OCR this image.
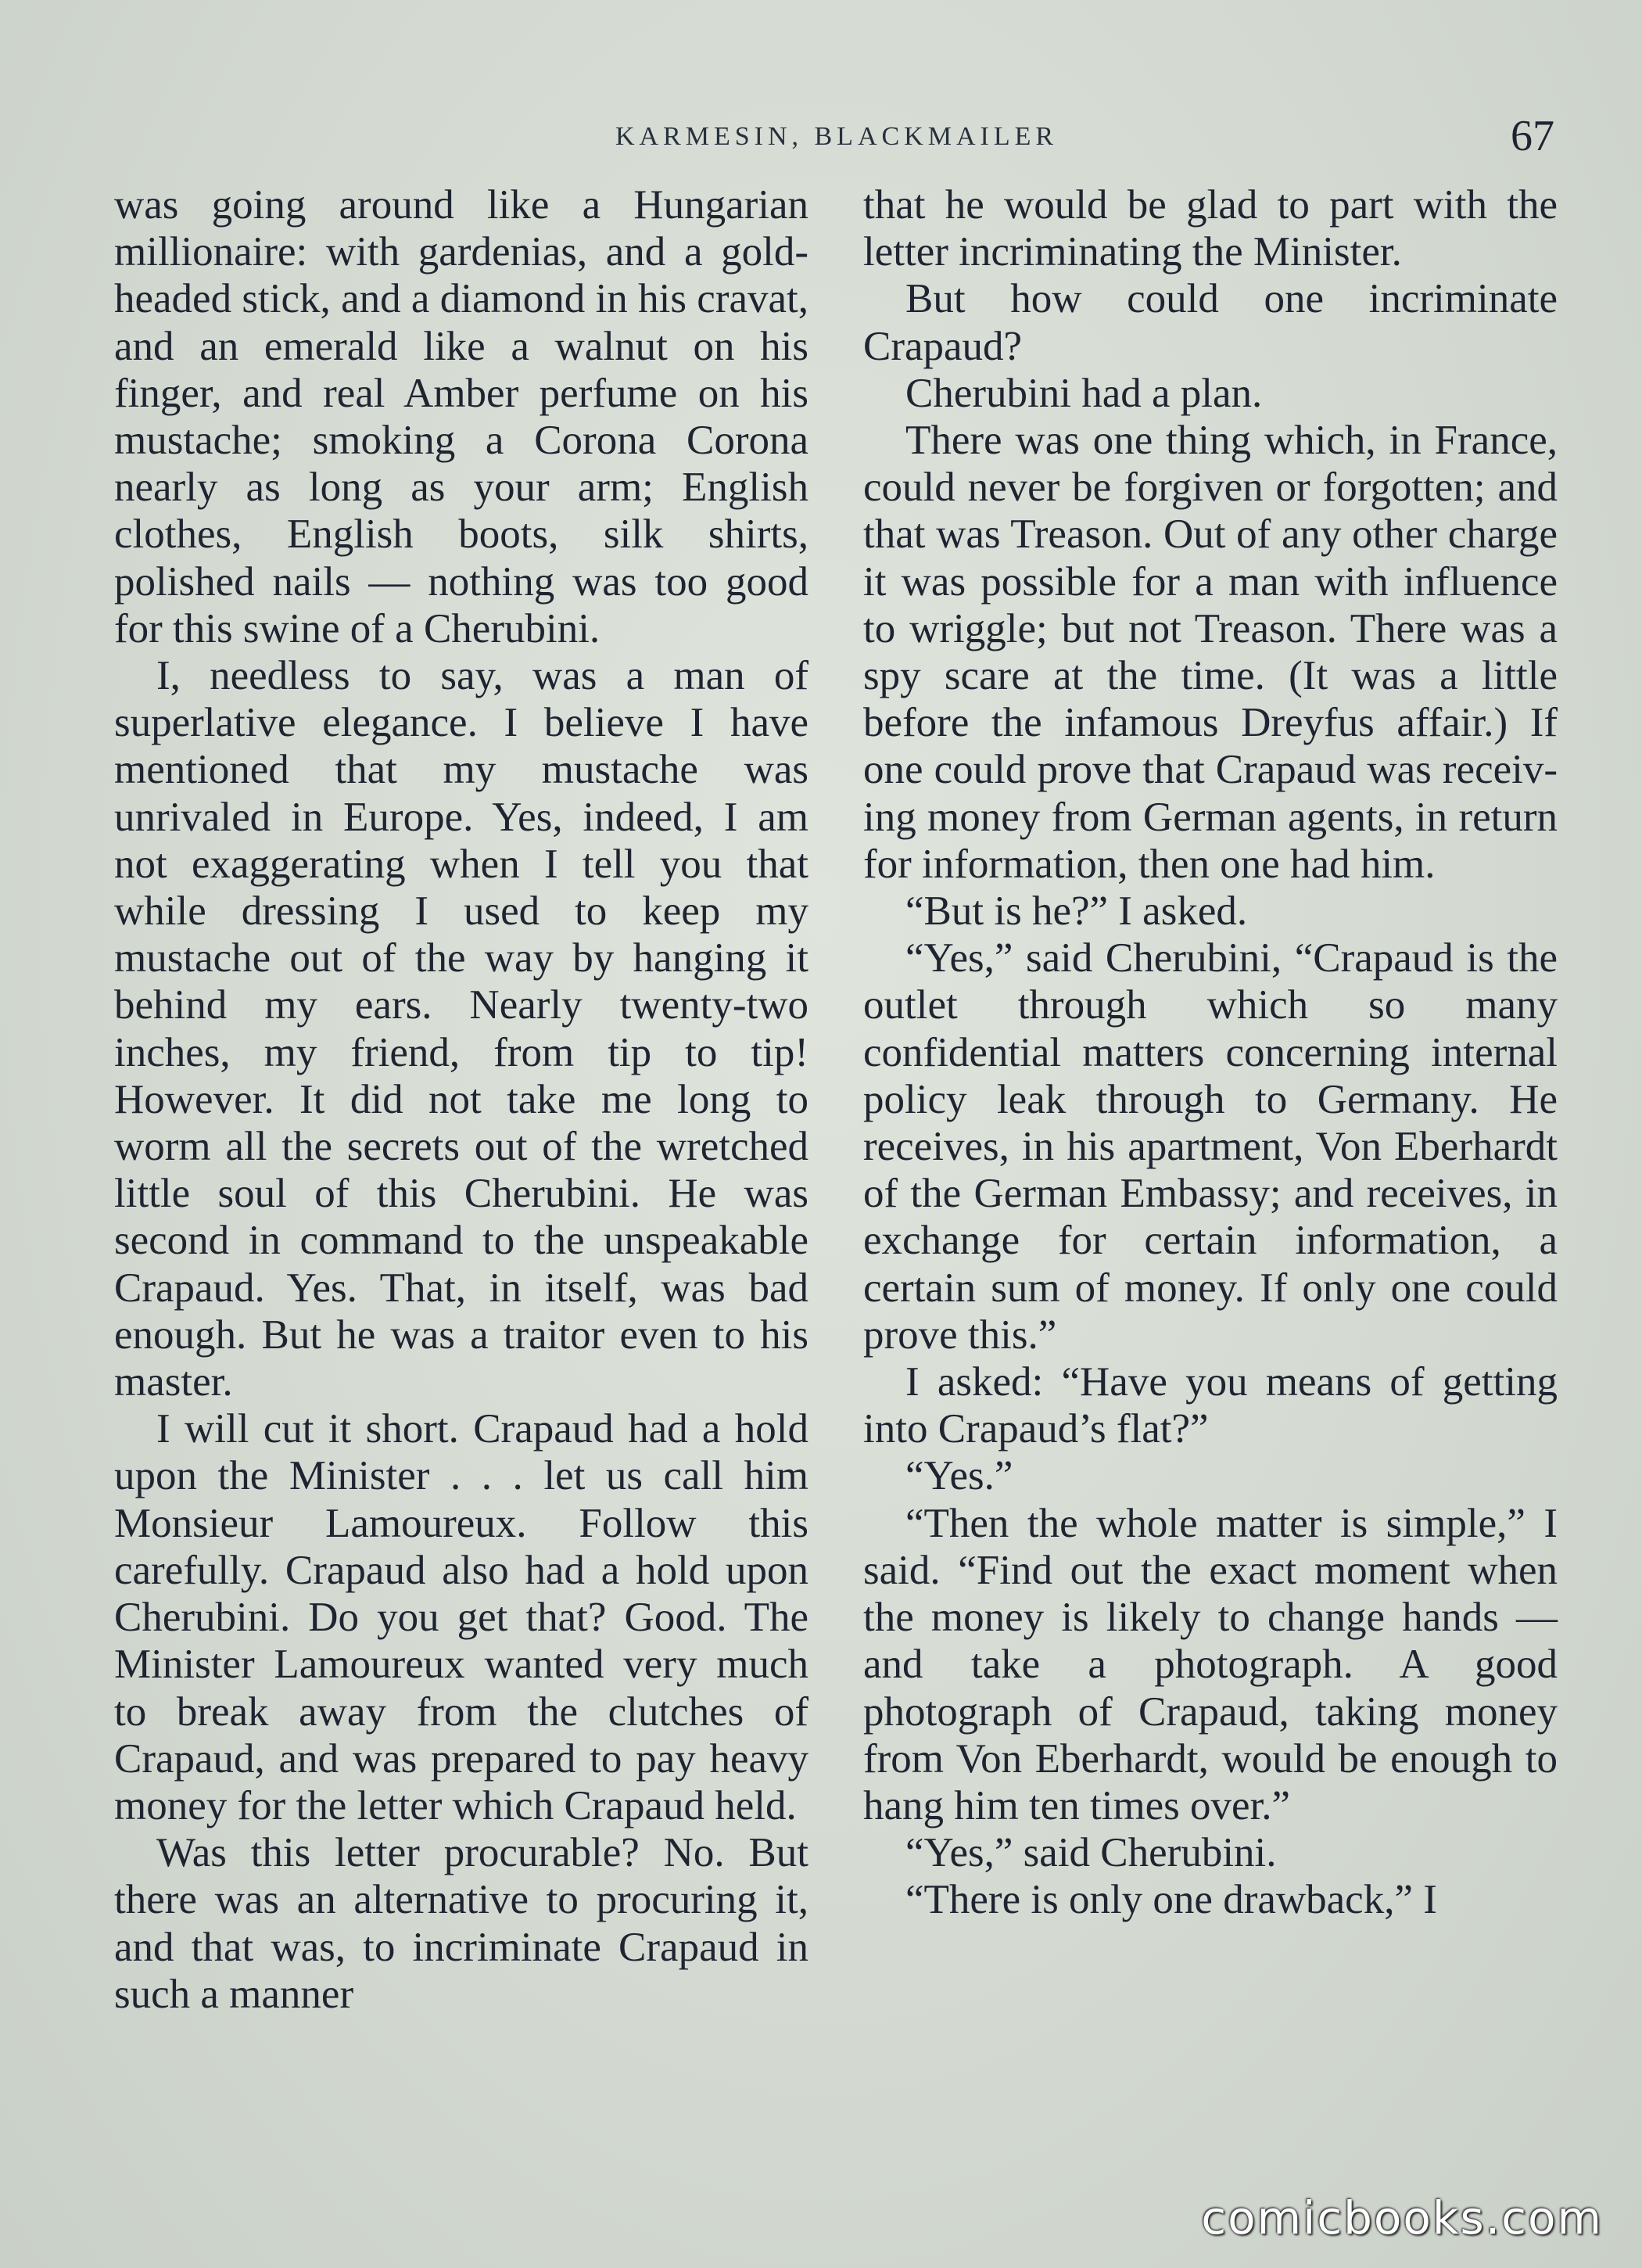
KARMESIN, BLACKMAILER	67

was going around like a Hungarian millionaire: with gardenias, and a gold-headed stick, and a diamond in his cravat, and an emerald like a walnut on his finger, and real Amber perfume on his mustache; smoking a Corona Corona nearly as long as your arm; English clothes, English boots, silk shirts, polished nails — nothing was too good for this swine of a Cherubini.

I, needless to say, was a man of superlative elegance. I believe I have mentioned that my mustache was unrivaled in Europe. Yes, indeed, I am not exaggerating when I tell you that while dressing I used to keep my mustache out of the way by hanging it behind my ears. Nearly twenty-two inches, my friend, from tip to tip! However. It did not take me long to worm all the secrets out of the wretched little soul of this Cherubini. He was second in command to the unspeakable Crapaud. Yes. That, in itself, was bad enough. But he was a traitor even to his master.

I will cut it short. Crapaud had a hold upon the Minister . . . let us call him Monsieur Lamoureux. Follow this carefully. Crapaud also had a hold upon Cherubini. Do you get that? Good. The Minister Lamoureux wanted very much to break away from the clutches of Crapaud, and was prepared to pay heavy money for the letter which Crapaud held.

Was this letter procurable? No. But there was an alternative to procuring it, and that was, to incriminate Crapaud in such a manner

that he would be glad to part with the letter incriminating the Minister.

But how could one incriminate Crapaud?

Cherubini had a plan.

There was one thing which, in France, could never be forgiven or forgotten; and that was Treason. Out of any other charge it was possible for a man with influence to wriggle; but not Treason. There was a spy scare at the time. (It was a little before the infamous Dreyfus affair.) If one could prove that Crapaud was receiving money from German agents, in return for information, then one had him.

“But is he?” I asked.

“Yes,” said Cherubini, “Crapaud is the outlet through which so many confidential matters concerning internal policy leak through to Germany. He receives, in his apartment, Von Eberhardt of the German Embassy; and receives, in exchange for certain information, a certain sum of money. If only one could prove this.”

I asked: “Have you means of getting into Crapaud’s flat?”

“Yes.”

“Then the whole matter is simple,” I said. “Find out the exact moment when the money is likely to change hands — and take a photograph. A good photograph of Crapaud, taking money from Von Eberhardt, would be enough to hang him ten times over.”

“Yes,” said Cherubini.

“There is only one drawback,” I

comicbooks.com
